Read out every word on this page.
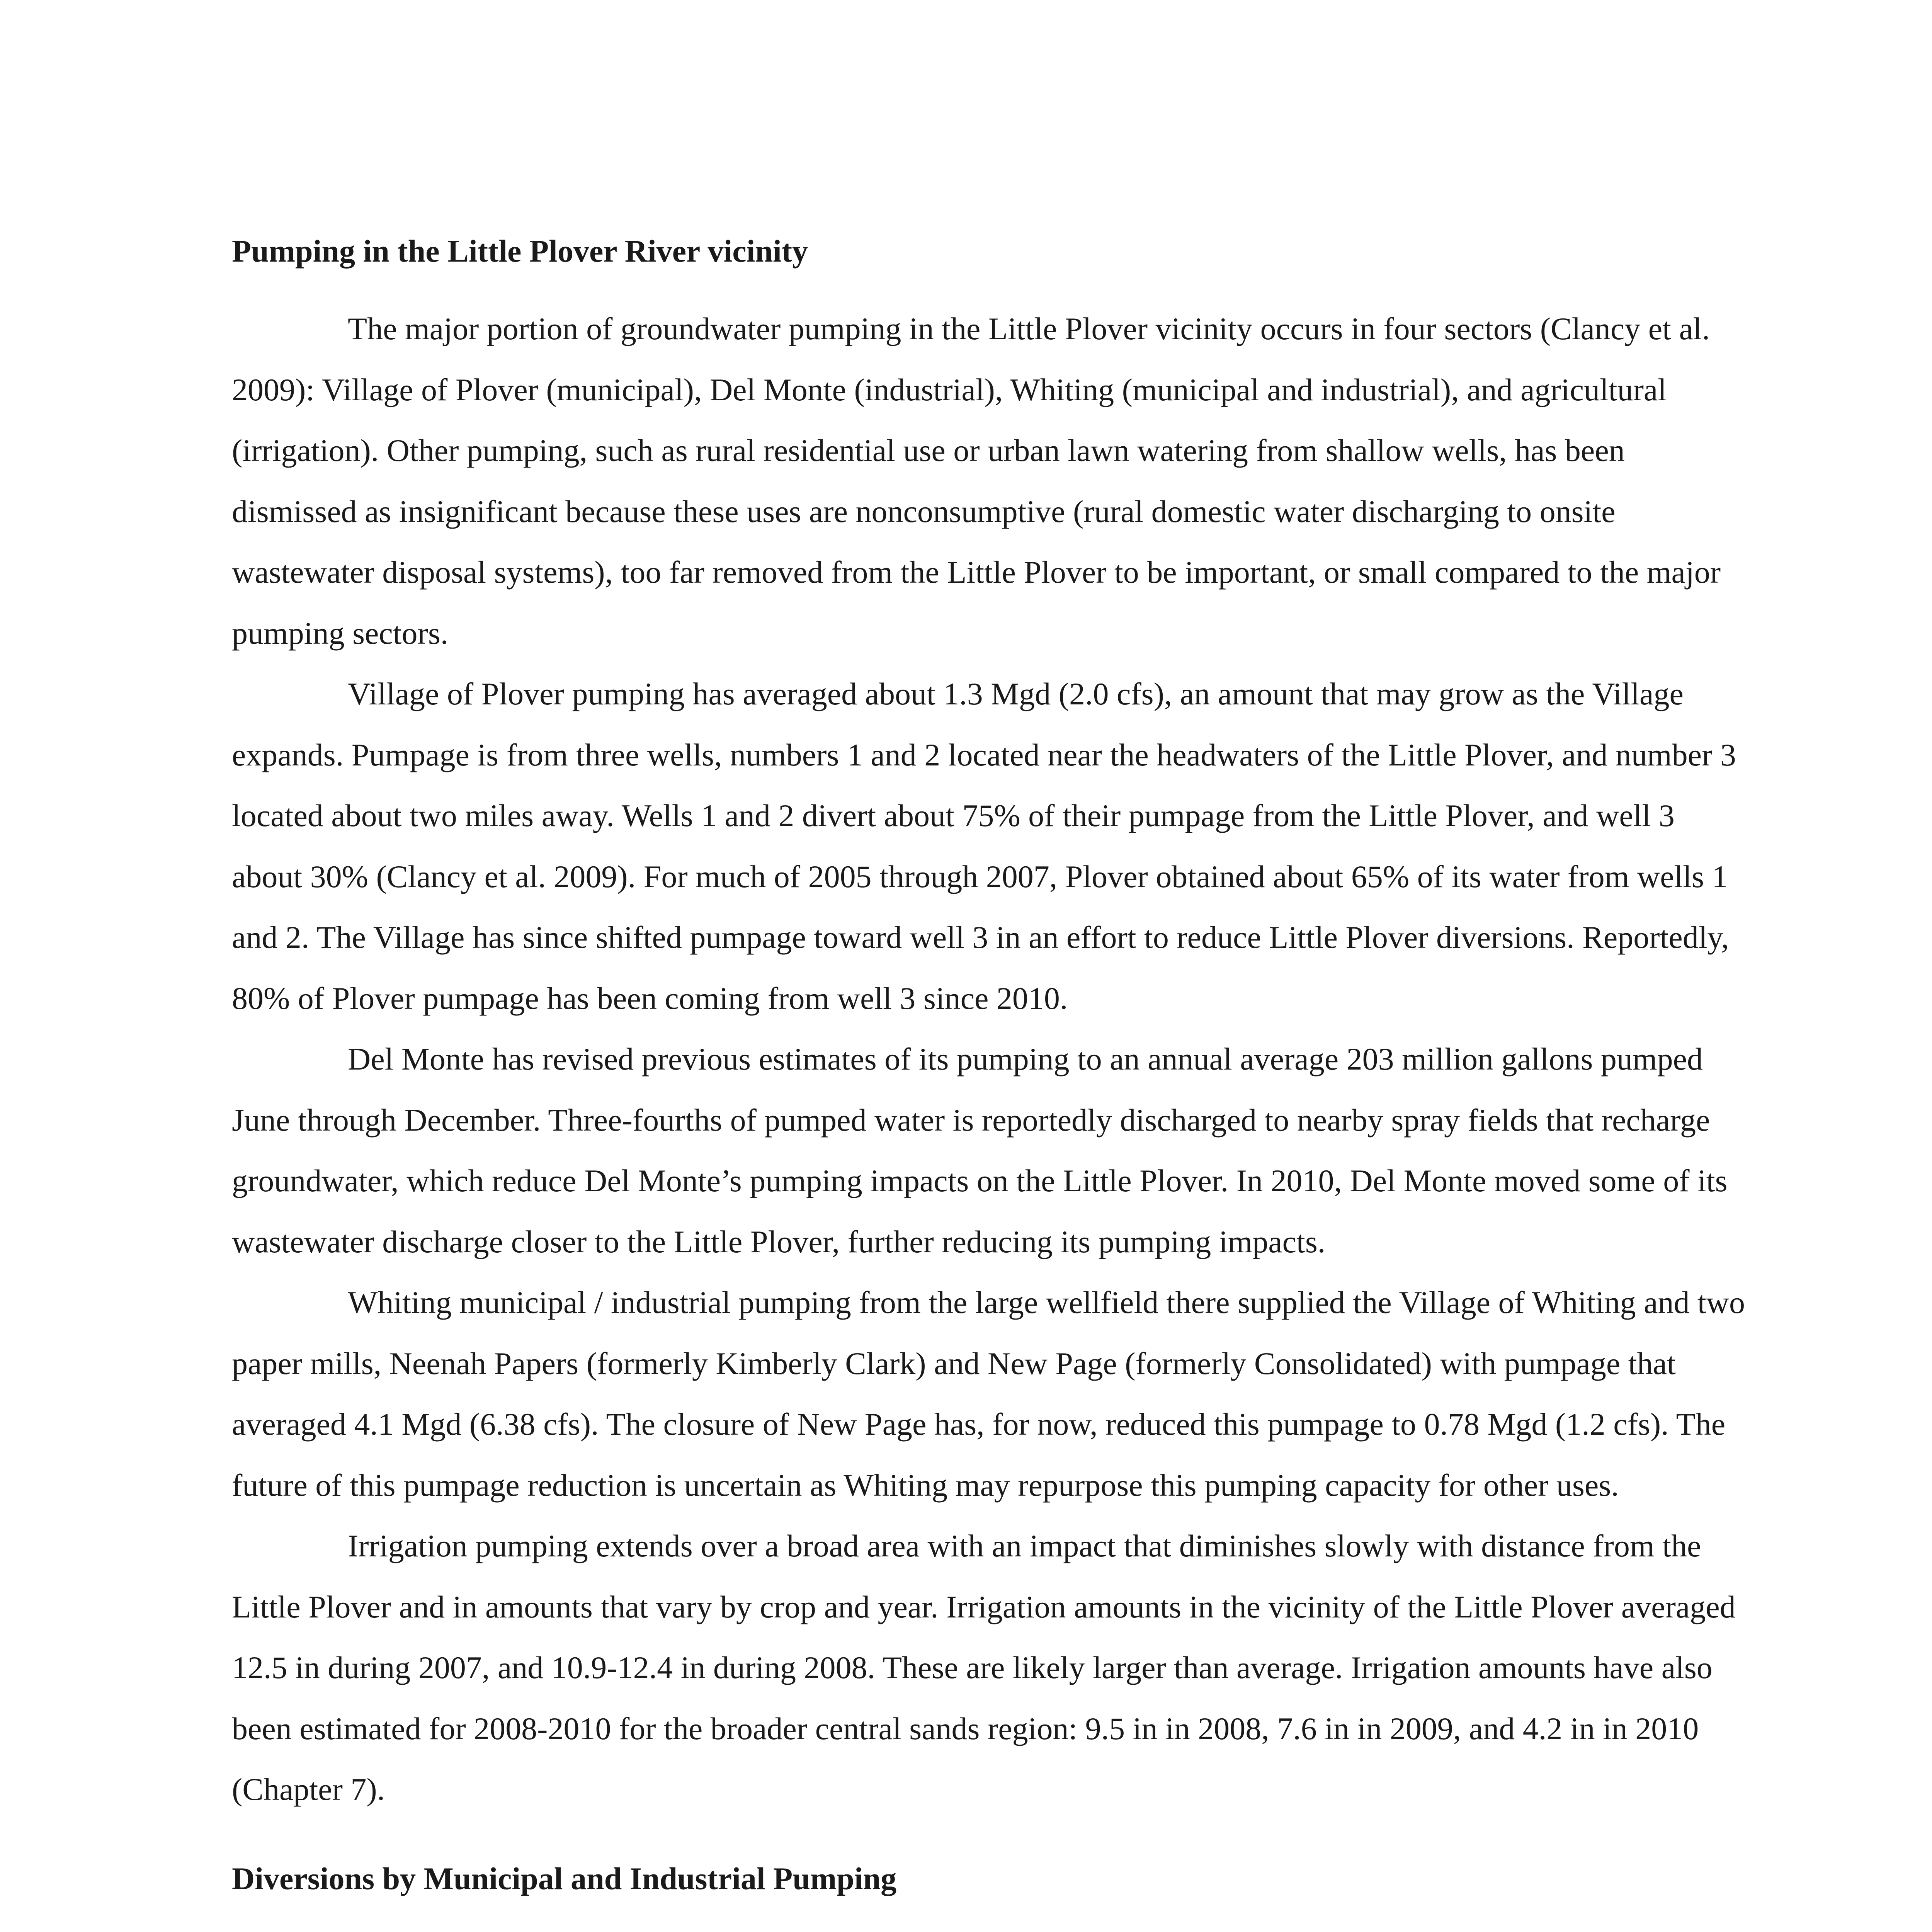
Pumping in the Little Plover River vicinity

The major portion of groundwater pumping in the Little Plover vicinity occurs in four sectors (Clancy et al. 2009): Village of Plover (municipal), Del Monte (industrial), Whiting (municipal and industrial), and agricultural (irrigation). Other pumping, such as rural residential use or urban lawn watering from shallow wells, has been dismissed as insignificant because these uses are nonconsumptive (rural domestic water discharging to onsite wastewater disposal systems), too far removed from the Little Plover to be important, or small compared to the major pumping sectors.

Village of Plover pumping has averaged about 1.3 Mgd (2.0 cfs), an amount that may grow as the Village expands. Pumpage is from three wells, numbers 1 and 2 located near the headwaters of the Little Plover, and number 3 located about two miles away. Wells 1 and 2 divert about 75% of their pumpage from the Little Plover, and well 3 about 30% (Clancy et al. 2009). For much of 2005 through 2007, Plover obtained about 65% of its water from wells 1 and 2. The Village has since shifted pumpage toward well 3 in an effort to reduce Little Plover diversions. Reportedly, 80% of Plover pumpage has been coming from well 3 since 2010.

Del Monte has revised previous estimates of its pumping to an annual average 203 million gallons pumped June through December. Three-fourths of pumped water is reportedly discharged to nearby spray fields that recharge groundwater, which reduce Del Monte’s pumping impacts on the Little Plover. In 2010, Del Monte moved some of its wastewater discharge closer to the Little Plover, further reducing its pumping impacts.

Whiting municipal / industrial pumping from the large wellfield there supplied the Village of Whiting and two paper mills, Neenah Papers (formerly Kimberly Clark) and New Page (formerly Consolidated) with pumpage that averaged 4.1 Mgd (6.38 cfs). The closure of New Page has, for now, reduced this pumpage to 0.78 Mgd (1.2 cfs). The future of this pumpage reduction is uncertain as Whiting may repurpose this pumping capacity for other uses.

Irrigation pumping extends over a broad area with an impact that diminishes slowly with distance from the Little Plover and in amounts that vary by crop and year. Irrigation amounts in the vicinity of the Little Plover averaged 12.5 in during 2007, and 10.9-12.4 in during 2008. These are likely larger than average. Irrigation amounts have also been estimated for 2008-2010 for the broader central sands region: 9.5 in in 2008, 7.6 in in 2009, and 4.2 in in 2010 (Chapter 7).

Diversions by Municipal and Industrial Pumping
